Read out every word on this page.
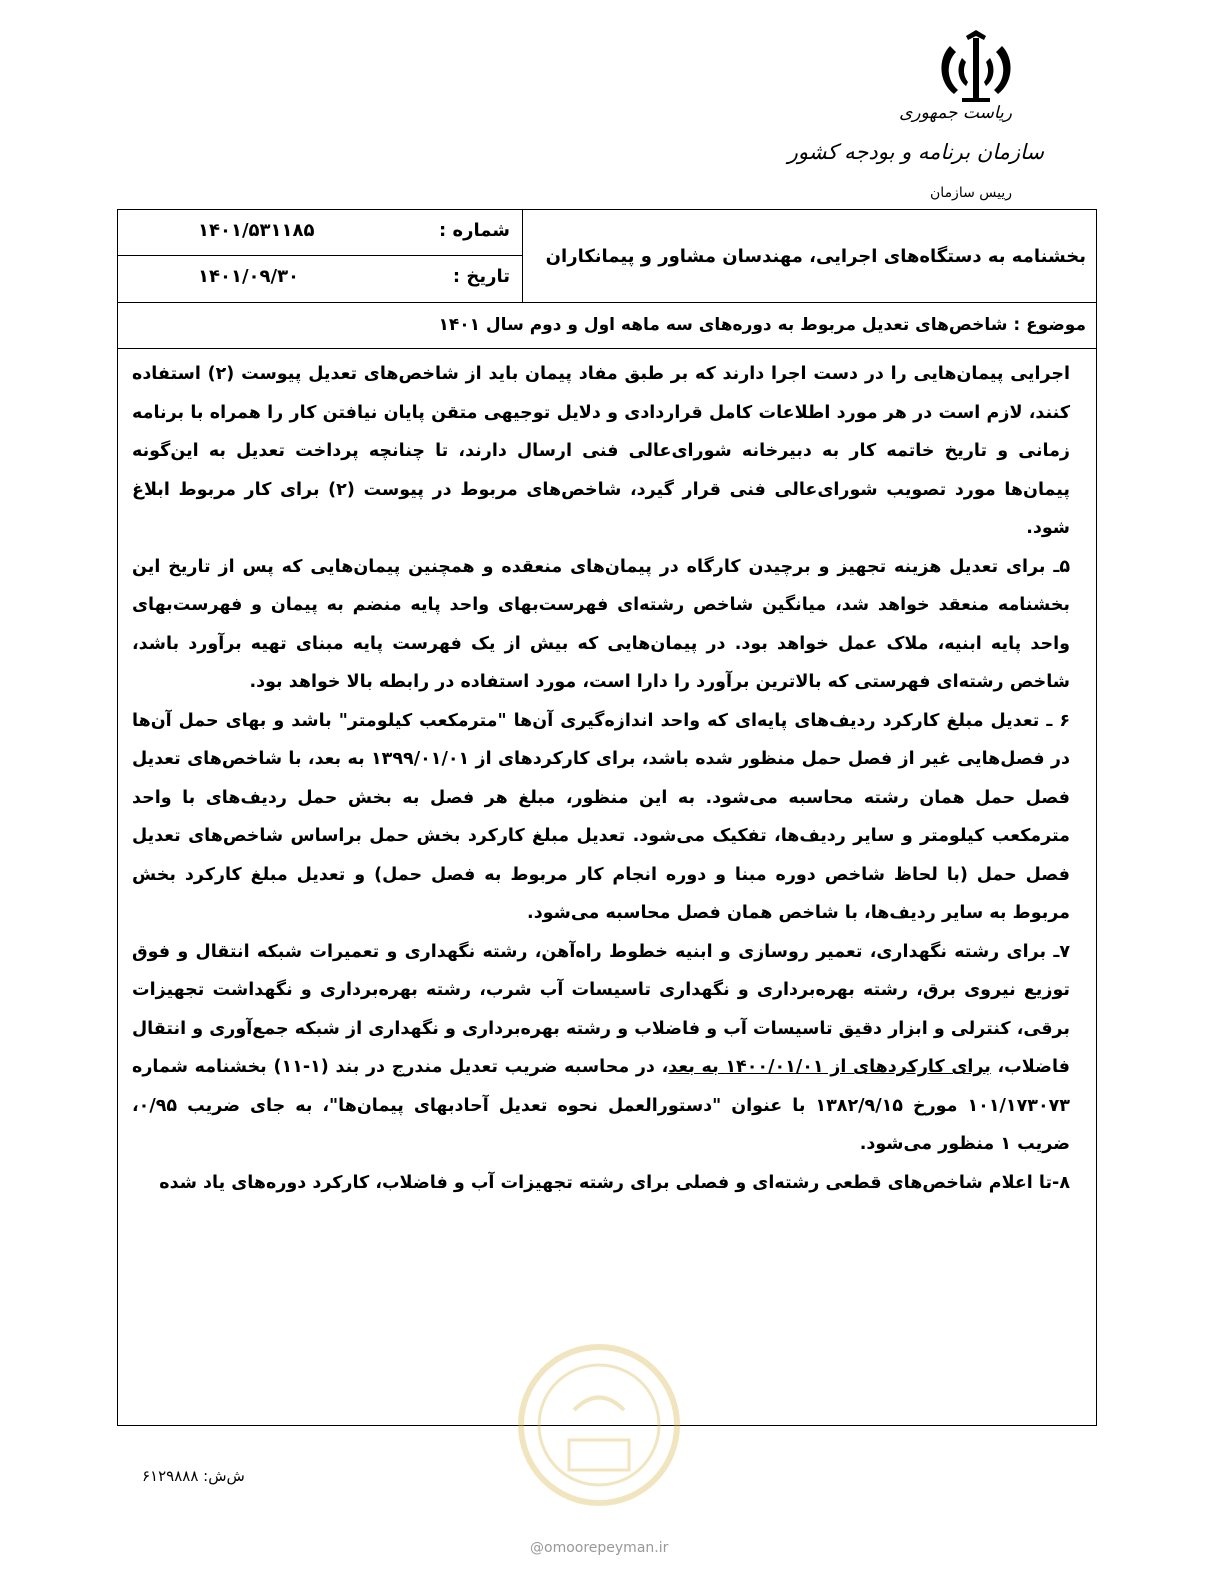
ریاست جمهوری
سازمان برنامه و بودجه کشور
رییس سازمان
بخشنامه به دستگاه‌های اجرایی، مهندسان مشاور و پیمانکاران
شماره :
۱۴۰۱/۵۳۱۱۸۵
تاریخ :
۱۴۰۱/۰۹/۳۰
موضوع : شاخص‌های تعدیل مربوط به دوره‌های سه ماهه اول و دوم سال ۱۴۰۱

اجرایی پیمان‌هایی را در دست اجرا دارند که بر طبق مفاد پیمان باید از شاخص‌های تعدیل پیوست (۲) استفاده کنند، لازم است در هر مورد اطلاعات کامل قراردادی و دلایل توجیهی متقن پایان نیافتن کار را همراه با برنامه زمانی و تاریخ خاتمه کار به دبیرخانه شورای‌عالی فنی ارسال دارند، تا چنانچه پرداخت تعدیل به این‌گونه پیمان‌ها مورد تصویب شورای‌عالی فنی قرار گیرد، شاخص‌های مربوط در پیوست (۲) برای کار مربوط ابلاغ شود.

۵ـ برای تعدیل هزینه تجهیز و برچیدن کارگاه در پیمان‌های منعقده و همچنین پیمان‌هایی که پس از تاریخ این بخشنامه منعقد خواهد شد، میانگین شاخص رشته‌ای فهرست‌بهای واحد پایه منضم به پیمان و فهرست‌بهای واحد پایه ابنیه، ملاک عمل خواهد بود. در پیمان‌هایی که بیش از یک فهرست پایه مبنای تهیه برآورد باشد، شاخص رشته‌ای فهرستی که بالاترین برآورد را دارا است، مورد استفاده در رابطه بالا خواهد بود.

۶ ـ تعدیل مبلغ کارکرد ردیف‌های پایه‌ای که واحد اندازه‌گیری آن‌ها "مترمکعب کیلومتر" باشد و بهای حمل آن‌ها در فصل‌هایی غیر از فصل حمل منظور شده باشد، برای کارکردهای از ۱۳۹۹/۰۱/۰۱ به بعد، با شاخص‌های تعدیل فصل حمل همان رشته محاسبه می‌شود. به این منظور، مبلغ هر فصل به بخش حمل ردیف‌های با واحد مترمکعب کیلومتر و سایر ردیف‌ها، تفکیک می‌شود. تعدیل مبلغ کارکرد بخش حمل براساس شاخص‌های تعدیل فصل حمل (با لحاظ شاخص دوره مبنا و دوره انجام کار مربوط به فصل حمل) و تعدیل مبلغ کارکرد بخش مربوط به سایر ردیف‌ها، با شاخص همان فصل محاسبه می‌شود.

۷ـ برای رشته نگهداری، تعمیر روسازی و ابنیه خطوط راه‌آهن، رشته نگهداری و تعمیرات شبکه انتقال و فوق توزیع نیروی برق، رشته بهره‌برداری و نگهداری تاسیسات آب شرب، رشته بهره‌برداری و نگهداشت تجهیزات برقی، کنترلی و ابزار دقیق تاسیسات آب و فاضلاب و رشته بهره‌برداری و نگهداری از شبکه جمع‌آوری و انتقال فاضلاب، برای کارکردهای از ۱۴۰۰/۰۱/۰۱ به بعد، در محاسبه ضریب تعدیل مندرج در بند (۱-۱۱) بخشنامه شماره ۱۰۱/۱۷۳۰۷۳ مورخ ۱۳۸۲/۹/۱۵ با عنوان "دستورالعمل نحوه تعدیل آحادبهای پیمان‌ها"، به جای ضریب ۰/۹۵، ضریب ۱ منظور می‌شود.

۸-تا اعلام شاخص‌های قطعی رشته‌ای و فصلی برای رشته تجهیزات آب و فاضلاب، کارکرد دوره‌های یاد شده

ش‌ش: ۶۱۲۹۸۸۸
@omoorepeyman.ir
